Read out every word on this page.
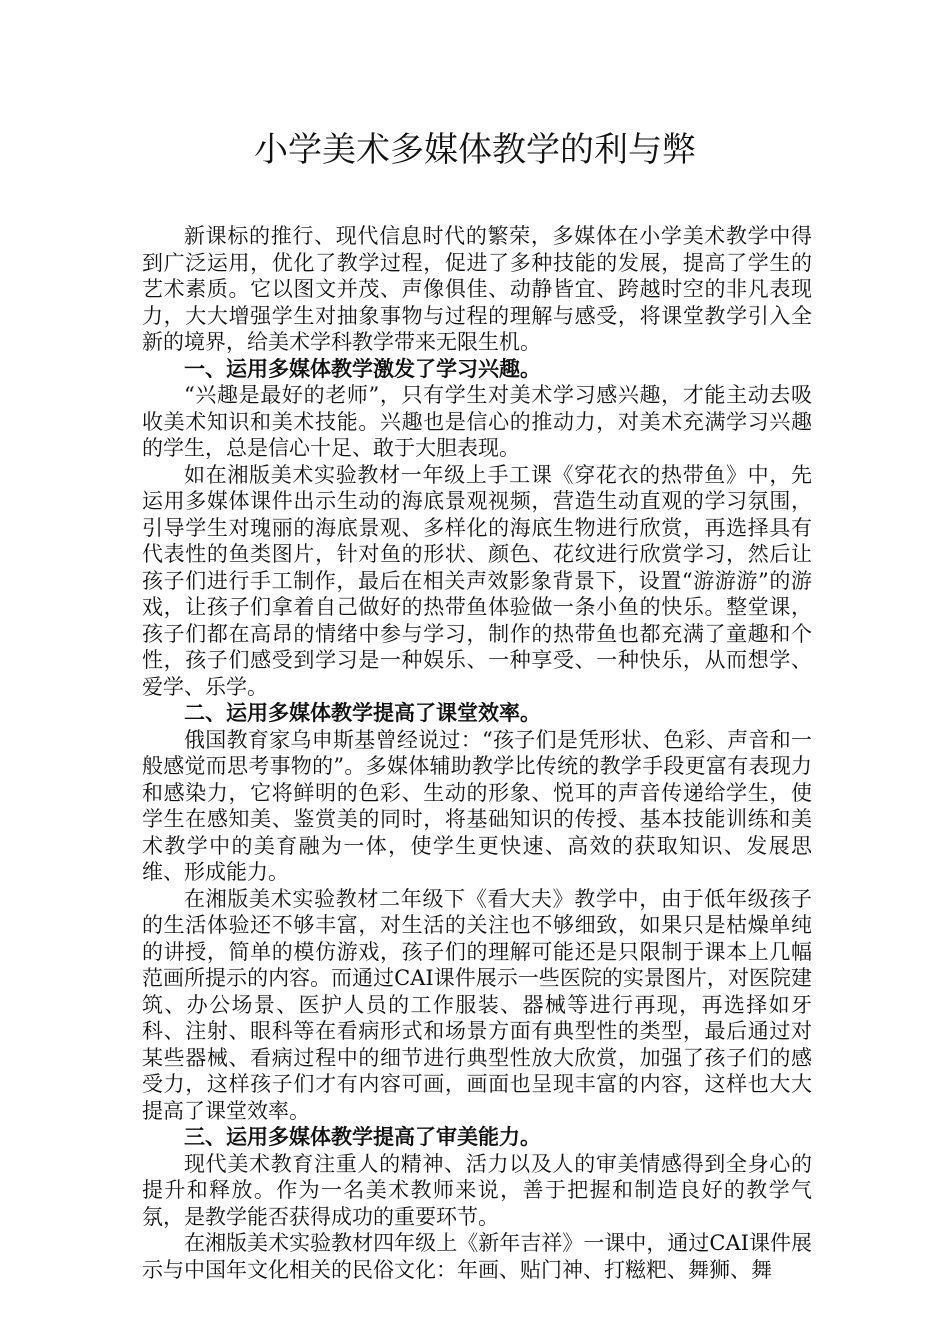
小学美术多媒体教学的利与弊

新课标的推行、现代信息时代的繁荣，多媒体在小学美术教学中得到广泛运用，优化了教学过程，促进了多种技能的发展，提高了学生的艺术素质。它以图文并茂、声像俱佳、动静皆宜、跨越时空的非凡表现力，大大增强学生对抽象事物与过程的理解与感受，将课堂教学引入全新的境界，给美术学科教学带来无限生机。

一、运用多媒体教学激发了学习兴趣。

“兴趣是最好的老师”，只有学生对美术学习感兴趣，才能主动去吸收美术知识和美术技能。兴趣也是信心的推动力，对美术充满学习兴趣的学生，总是信心十足、敢于大胆表现。

如在湘版美术实验教材一年级上手工课《穿花衣的热带鱼》中，先运用多媒体课件出示生动的海底景观视频，营造生动直观的学习氛围，引导学生对瑰丽的海底景观、多样化的海底生物进行欣赏，再选择具有代表性的鱼类图片，针对鱼的形状、颜色、花纹进行欣赏学习，然后让孩子们进行手工制作，最后在相关声效影象背景下，设置“游游游”的游戏，让孩子们拿着自己做好的热带鱼体验做一条小鱼的快乐。整堂课，孩子们都在高昂的情绪中参与学习，制作的热带鱼也都充满了童趣和个性，孩子们感受到学习是一种娱乐、一种享受、一种快乐，从而想学、爱学、乐学。

二、运用多媒体教学提高了课堂效率。

俄国教育家乌申斯基曾经说过：“孩子们是凭形状、色彩、声音和一般感觉而思考事物的”。多媒体辅助教学比传统的教学手段更富有表现力和感染力，它将鲜明的色彩、生动的形象、悦耳的声音传递给学生，使学生在感知美、鉴赏美的同时，将基础知识的传授、基本技能训练和美术教学中的美育融为一体，使学生更快速、高效的获取知识、发展思维、形成能力。

在湘版美术实验教材二年级下《看大夫》教学中，由于低年级孩子的生活体验还不够丰富，对生活的关注也不够细致，如果只是枯燥单纯的讲授，简单的模仿游戏，孩子们的理解可能还是只限制于课本上几幅范画所提示的内容。而通过CAI课件展示一些医院的实景图片，对医院建筑、办公场景、医护人员的工作服装、器械等进行再现，再选择如牙科、注射、眼科等在看病形式和场景方面有典型性的类型，最后通过对某些器械、看病过程中的细节进行典型性放大欣赏，加强了孩子们的感受力，这样孩子们才有内容可画，画面也呈现丰富的内容，这样也大大提高了课堂效率。

三、运用多媒体教学提高了审美能力。

现代美术教育注重人的精神、活力以及人的审美情感得到全身心的提升和释放。作为一名美术教师来说，善于把握和制造良好的教学气氛，是教学能否获得成功的重要环节。

在湘版美术实验教材四年级上《新年吉祥》一课中，通过CAI课件展示与中国年文化相关的民俗文化：年画、贴门神、打糍粑、舞狮、舞
